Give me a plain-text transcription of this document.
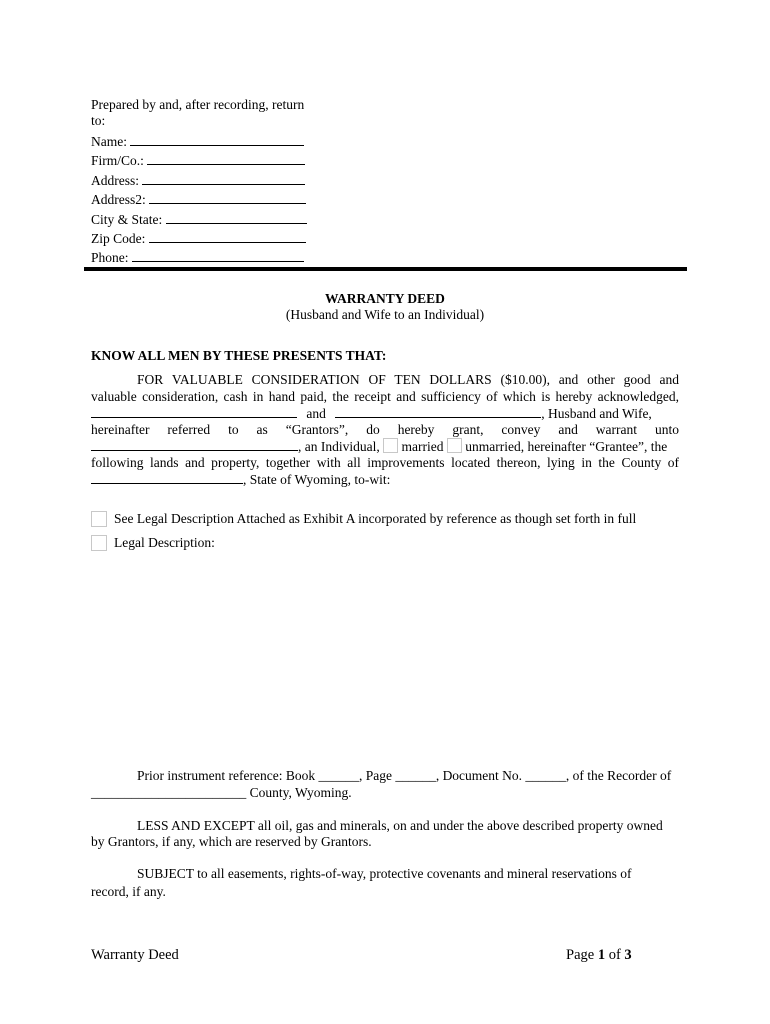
Prepared by and, after recording, return
to:
Name:
Firm/Co.:
Address:
Address2:
City & State:
Zip Code:
Phone:
WARRANTY DEED
(Husband and Wife to an Individual)
KNOW ALL MEN BY THESE PRESENTS THAT:
FOR VALUABLE CONSIDERATION OF TEN DOLLARS ($10.00), and other good and
valuable consideration, cash in hand paid, the receipt and sufficiency of which is hereby acknowledged,
and	, Husband and Wife,
hereinafter referred to as “Grantors”, do hereby grant, convey and warrant unto
, an Individual, married unmarried, hereinafter “Grantee”, the
following lands and property, together with all improvements located thereon, lying in the County of
, State of Wyoming, to-wit:
See Legal Description Attached as Exhibit A incorporated by reference as though set forth in full
Legal Description:
Prior instrument reference: Book ______, Page ______, Document No. ______, of the Recorder of
_______________________ County, Wyoming.
LESS AND EXCEPT all oil, gas and minerals, on and under the above described property owned
by Grantors, if any, which are reserved by Grantors.
SUBJECT to all easements, rights-of-way, protective covenants and mineral reservations of
record, if any.
Warranty Deed	Page 1 of 3
